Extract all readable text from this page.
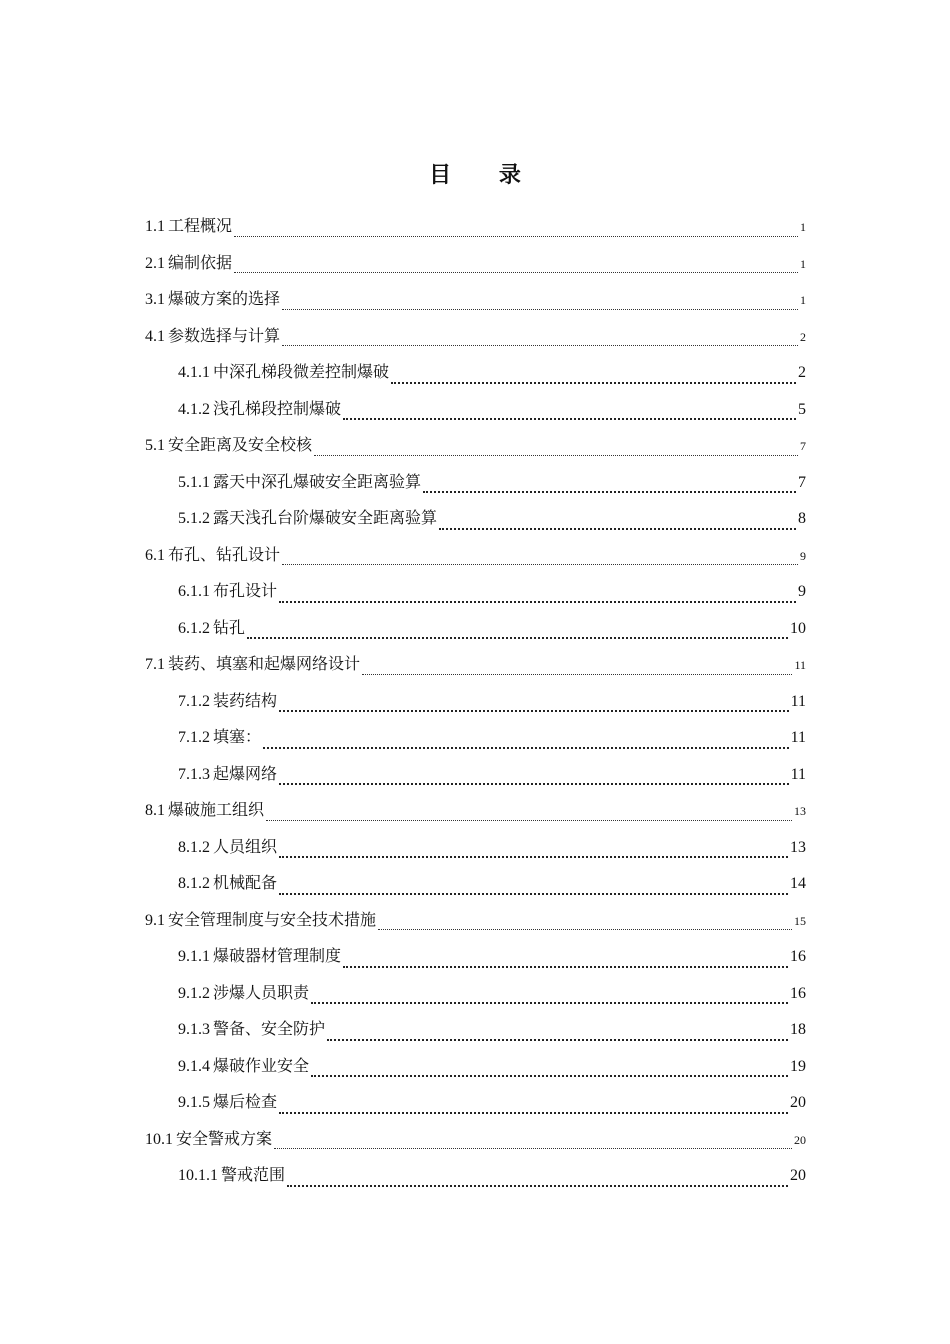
目 录
1.1 工程概况	1
2.1 编制依据	1
3.1 爆破方案的选择	1
4.1 参数选择与计算	2
4.1.1 中深孔梯段微差控制爆破	2
4.1.2 浅孔梯段控制爆破	5
5.1 安全距离及安全校核	7
5.1.1 露天中深孔爆破安全距离验算	7
5.1.2 露天浅孔台阶爆破安全距离验算	8
6.1 布孔、钻孔设计	9
6.1.1 布孔设计	9
6.1.2 钻孔	10
7.1 装药、填塞和起爆网络设计	11
7.1.2 装药结构	11
7.1.2 填塞：	11
7.1.3 起爆网络	11
8.1 爆破施工组织	13
8.1.2 人员组织	13
8.1.2 机械配备	14
9.1 安全管理制度与安全技术措施	15
9.1.1 爆破器材管理制度	16
9.1.2 涉爆人员职责	16
9.1.3 警备、安全防护	18
9.1.4 爆破作业安全	19
9.1.5 爆后检查	20
10.1 安全警戒方案	20
10.1.1 警戒范围	20
